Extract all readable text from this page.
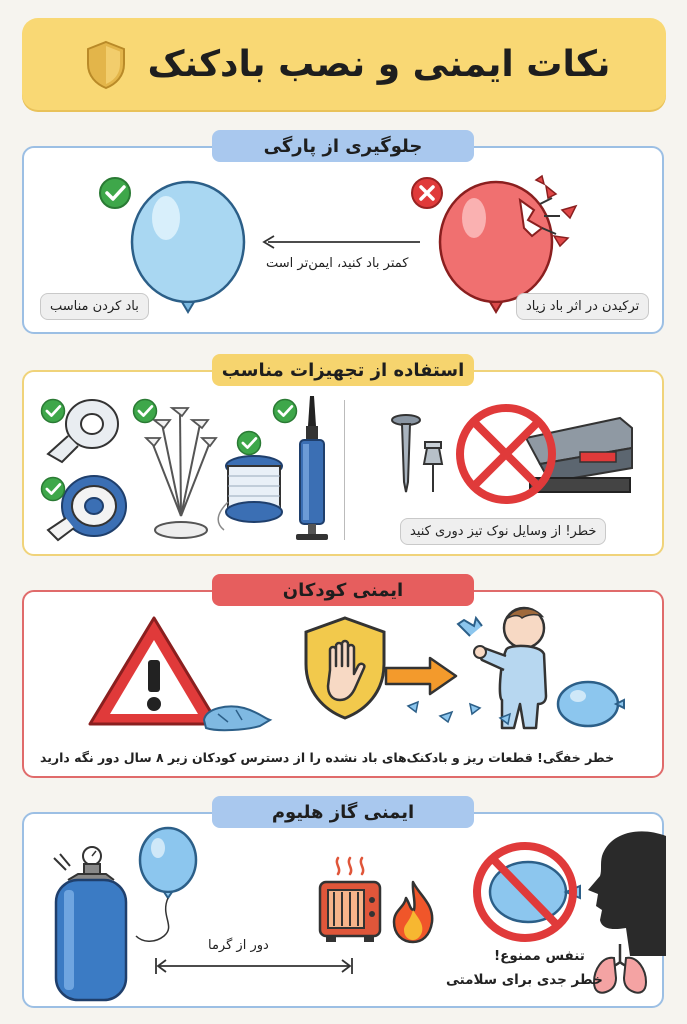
نکات ایمنی و نصب بادکنک
جلوگیری از پارگی
باد کردن مناسب
کمتر باد کنید، ایمن‌تر است
ترکیدن در اثر باد زیاد
استفاده از تجهیزات مناسب
خطر! از وسایل نوک تیز دوری کنید
ایمنی کودکان
خطر خفگی! قطعات ریز و بادکنک‌های باد نشده را از دسترس کودکان زیر ۸ سال دور نگه دارید
ایمنی گاز هلیوم
دور از گرما
تنفس ممنوع!
خطر جدی برای سلامتی
